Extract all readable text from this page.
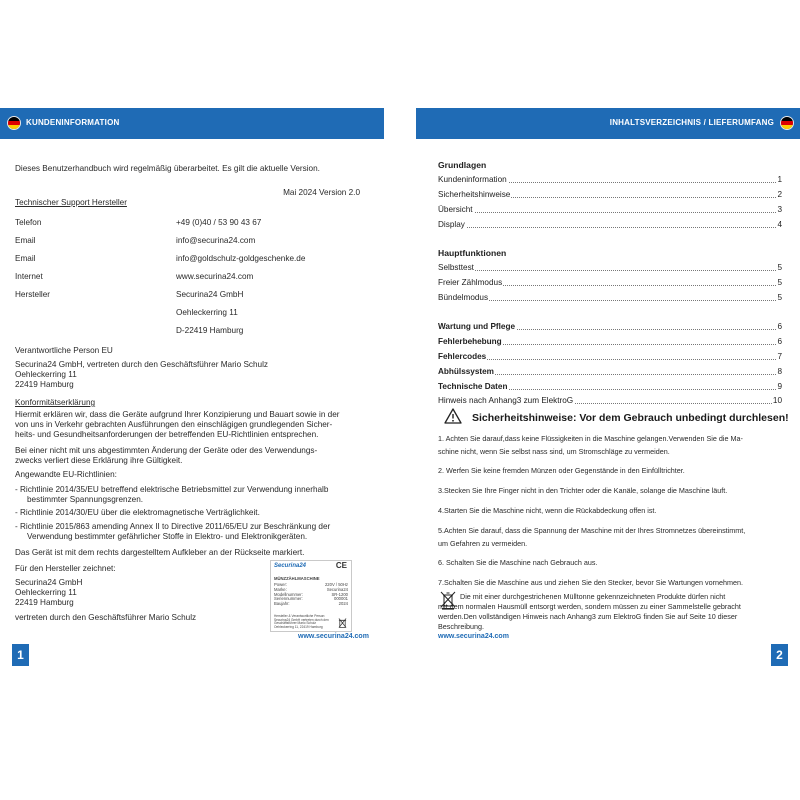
KUNDENINFORMATION
Dieses Benutzerhandbuch wird regelmäßig überarbeitet. Es gilt die aktuelle Version.
Mai 2024 Version 2.0
Technischer Support Hersteller
Telefon	+49 (0)40 / 53 90 43 67
Email	info@securina24.com
Email	info@goldschulz-goldgeschenke.de
Internet	www.securina24.com
Hersteller	Securina24 GmbH
Oehleckerring 11
D-22419 Hamburg
Verantwortliche Person EU
Securina24 GmbH, vertreten durch den Geschäftsführer Mario Schulz
Oehleckerring 11
22419 Hamburg
Konformitätserklärung
Hiermit erklären wir, dass die Geräte aufgrund Ihrer Konzipierung und Bauart sowie in der
von uns in Verkehr gebrachten Ausführungen den einschlägigen grundlegenden Sicher-
heits- und Gesundheitsanforderungen der betreffenden EU-Richtlinien entsprechen.
Bei einer nicht mit uns abgestimmten Änderung der Geräte oder des Verwendungs-
zwecks verliert diese Erklärung ihre Gültigkeit.
Angewandte EU-Richtlinien:
- Richtlinie 2014/35/EU betreffend elektrische Betriebsmittel zur Verwendung innerhalb
bestimmter Spannungsgrenzen.
- Richtlinie 2014/30/EU über die elektromagnetische Verträglichkeit.
- Richtlinie 2015/863 amending Annex II to Directive 2011/65/EU zur Beschränkung der
Verwendung bestimmter gefährlicher Stoffe in Elektro- und Elektronikgeräten.
Das Gerät ist mit dem rechts dargestelltem Aufkleber an der Rückseite markiert.
Für den Hersteller zeichnet:
Securina24 GmbH
Oehleckerring 11
22419 Hamburg
vertreten durch den Geschäftsführer Mario Schulz
Securina24	CE
MÜNZZÄHLMASCHINE
Power:	220V / 50Hz
Marke:	Securina24
Modellnummer:	SR-1200
Seriennummer:	000001
Baujahr:	2024
Hersteller & Verantwortliche Person: Securina24 GmbH vertreten durch den Geschäftsführer Mario Schulz Oehleckerring 11, 22419 Hamburg
www.securina24.com
1
INHALTSVERZEICHNIS / LIEFERUMFANG
Grundlagen
Kundeninformation	1
Sicherheitshinweise	2
Übersicht	3
Display	4
Hauptfunktionen
Selbsttest	5
Freier Zählmodus	5
Bündelmodus	5
Wartung und Pflege	6
Fehlerbehebung	6
Fehlercodes	7
Abhülssystem	8
Technische Daten	9
Hinweis nach Anhang3 zum ElektroG	10
Sicherheitshinweise: Vor dem Gebrauch unbedingt durchlesen!
1. Achten Sie darauf,dass keine Flüssigkeiten in die Maschine gelangen.Verwenden Sie die Ma-
schine nicht, wenn Sie selbst nass sind, um Stromschläge zu vermeiden.
2. Werfen Sie keine fremden Münzen oder Gegenstände in den Einfülltrichter.
3.Stecken Sie Ihre Finger nicht in den Trichter oder die Kanäle, solange die Maschine läuft.
4.Starten Sie die Maschine nicht, wenn die Rückabdeckung offen ist.
5.Achten Sie darauf, dass die Spannung der Maschine mit der Ihres Stromnetzes übereinstimmt,
um Gefahren zu vermeiden.
6. Schalten Sie die Maschine nach Gebrauch aus.
7.Schalten Sie die Maschine aus und ziehen Sie den Stecker, bevor Sie Wartungen vornehmen.
Die mit einer durchgestrichenen Mülltonne gekennzeichneten Produkte dürfen nicht
mit dem normalen Hausmüll entsorgt werden, sondern müssen zu einer Sammelstelle gebracht
werden.Den vollständigen Hinweis nach Anhang3 zum ElektroG finden Sie auf Seite 10 dieser
Beschreibung.
www.securina24.com
2
